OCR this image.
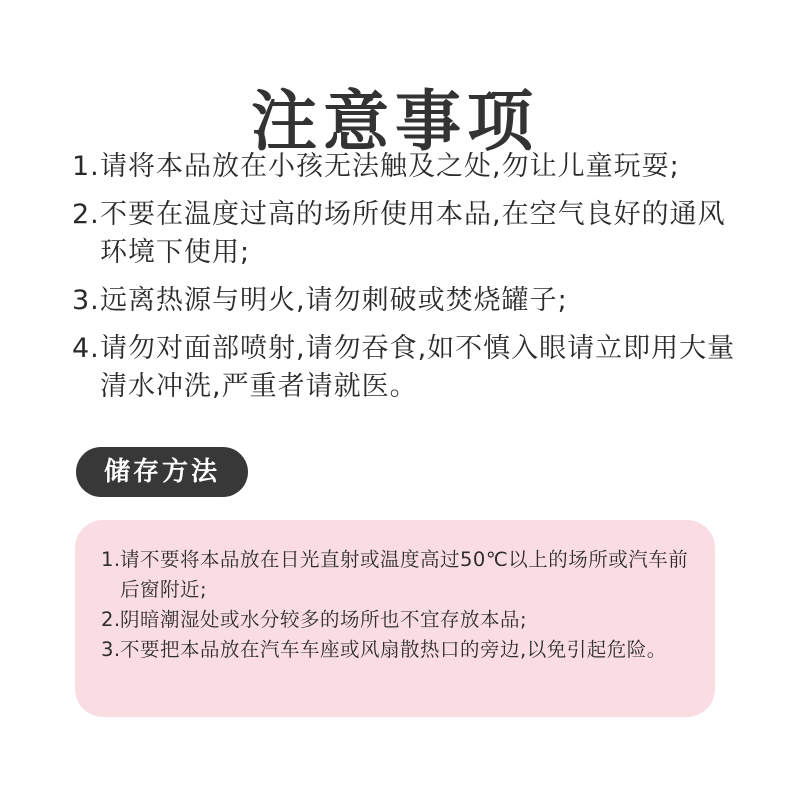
注意事项
1. 请将本品放在小孩无法触及之处,勿让儿童玩耍;
2. 不要在温度过高的场所使用本品,在空气良好的通风环境下使用;
3. 远离热源与明火,请勿刺破或焚烧罐子;
4. 请勿对面部喷射,请勿吞食,如不慎入眼请立即用大量清水冲洗,严重者请就医。
储存方法
1. 请不要将本品放在日光直射或温度高过50℃以上的场所或汽车前后窗附近;
2. 阴暗潮湿处或水分较多的场所也不宜存放本品;
3. 不要把本品放在汽车车座或风扇散热口的旁边,以免引起危险。
